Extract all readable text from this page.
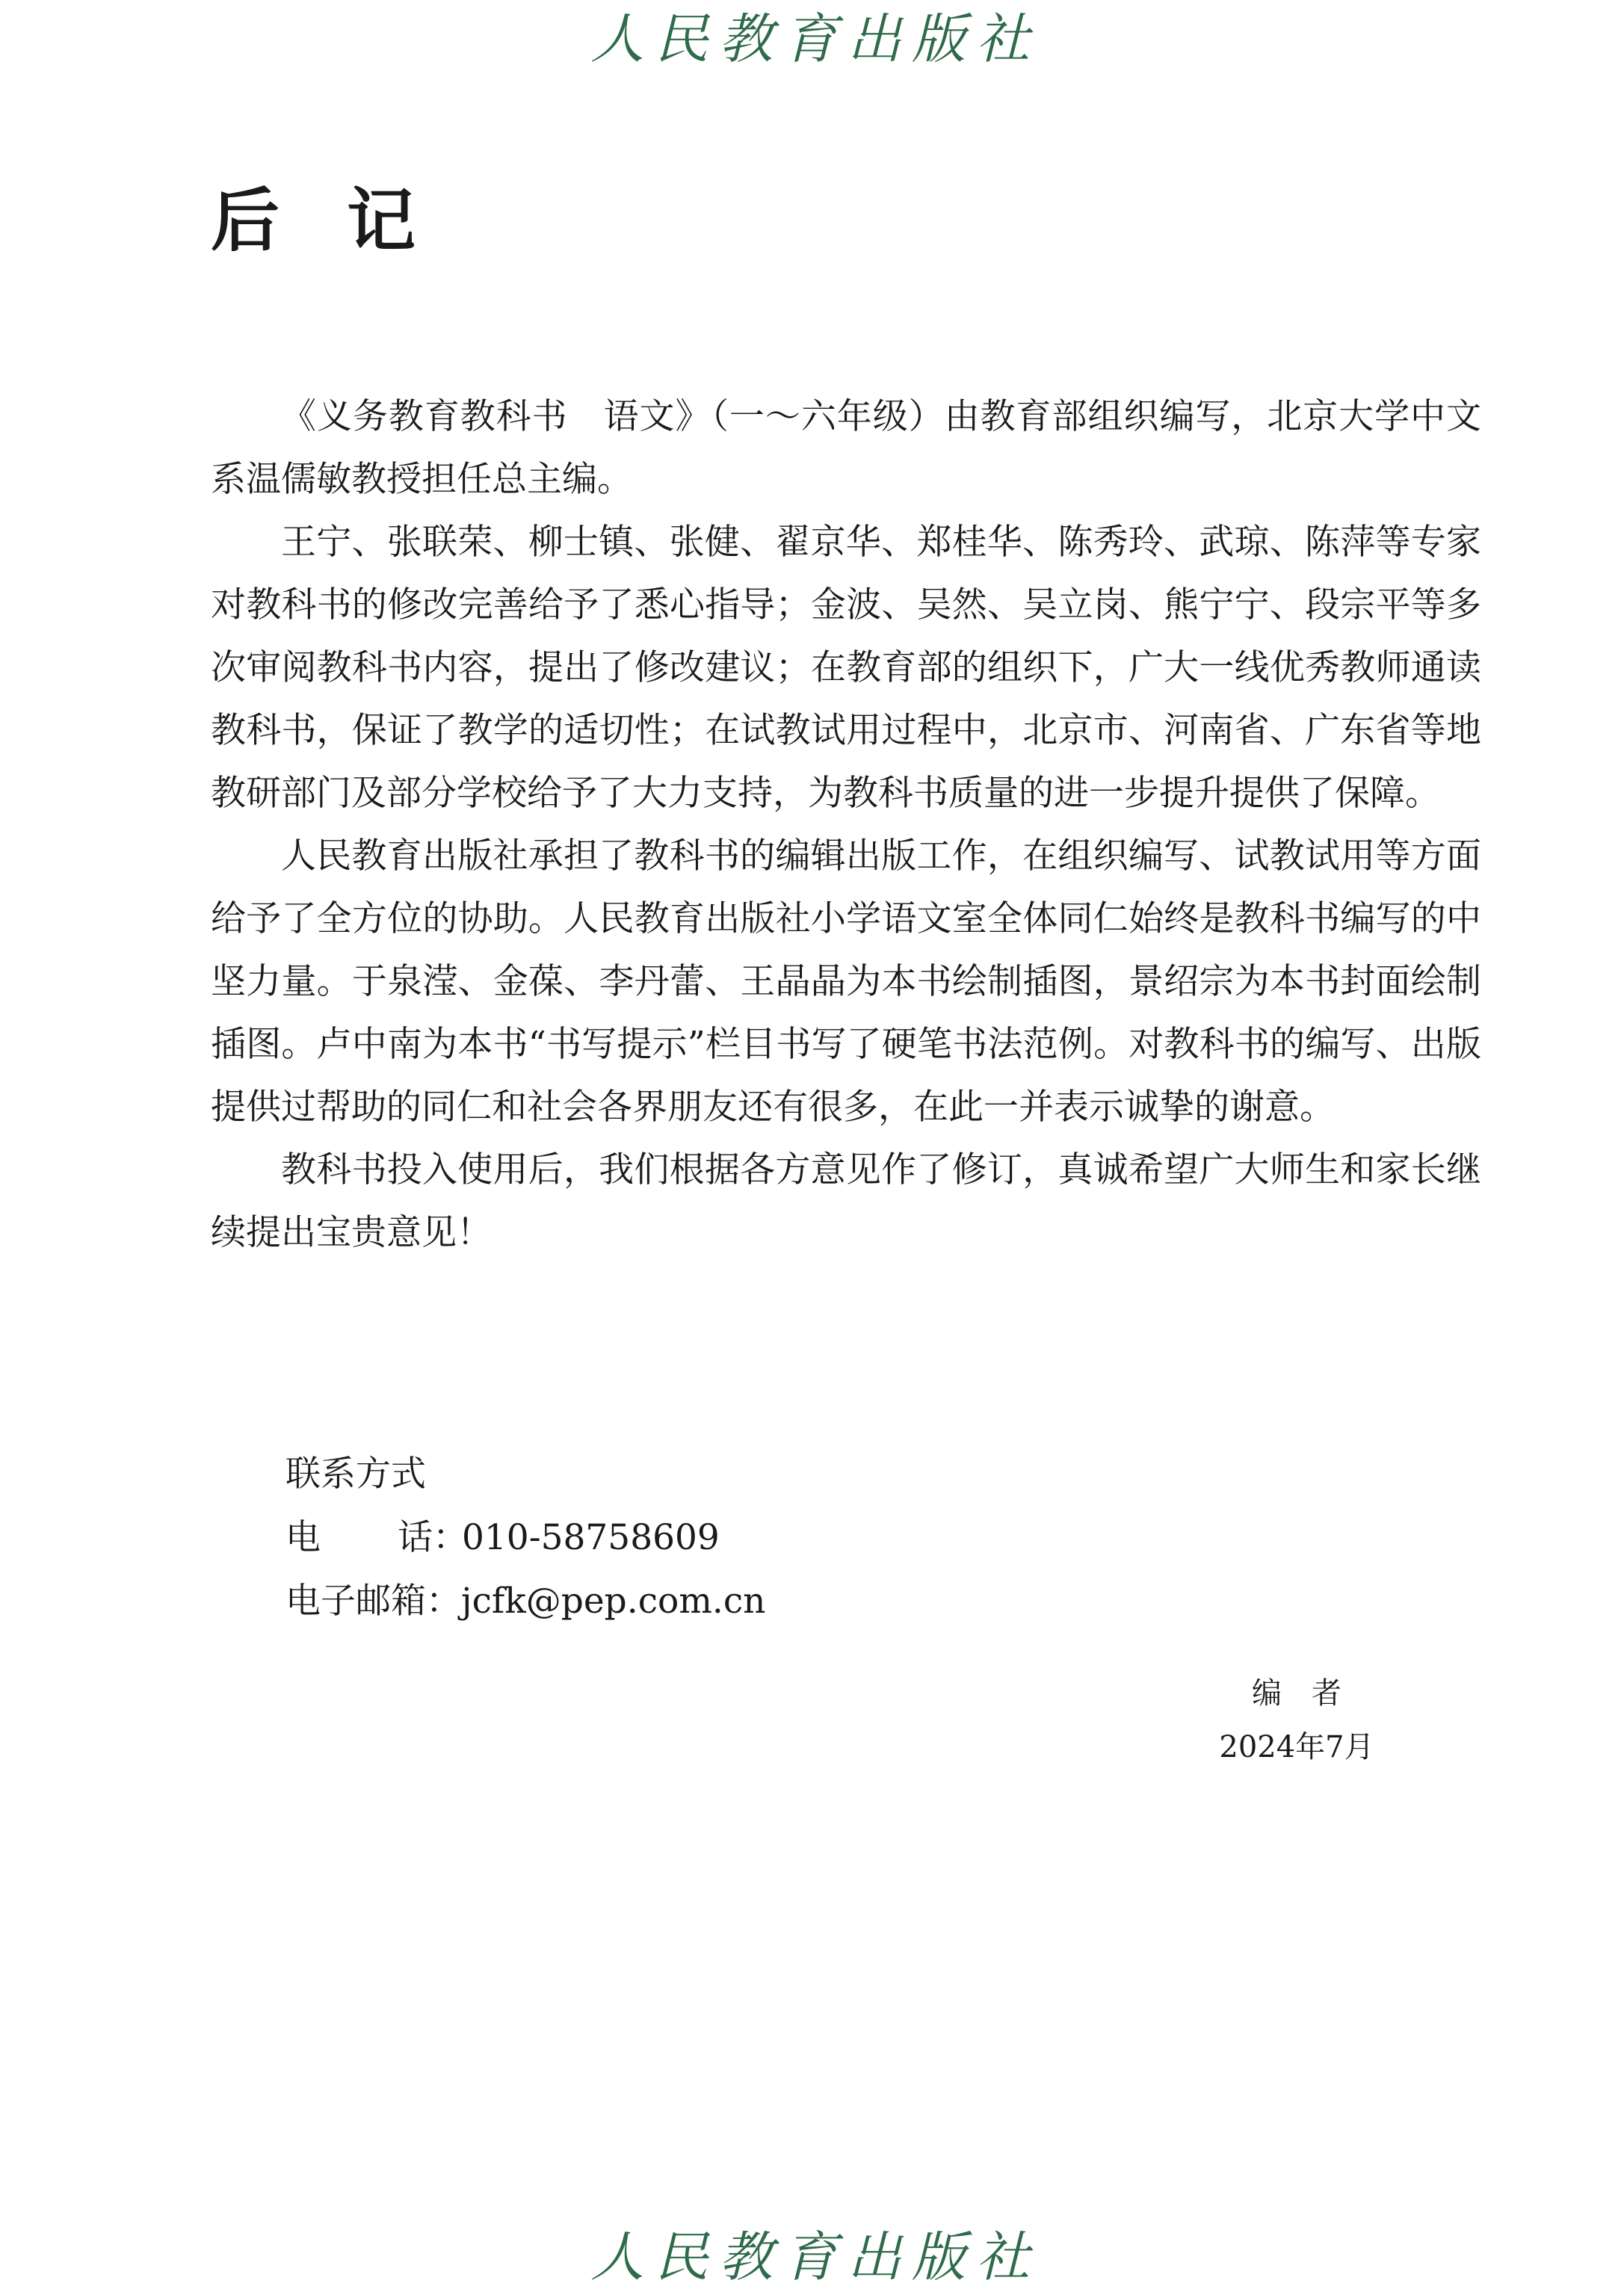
人民教育出版社
后记

《义务教育教科书　语文》（一～六年级）由教育部组织编写，北京大学中文系温儒敏教授担任总主编。

王宁、张联荣、柳士镇、张健、翟京华、郑桂华、陈秀玲、武琼、陈萍等专家对教科书的修改完善给予了悉心指导；金波、吴然、吴立岗、熊宁宁、段宗平等多次审阅教科书内容，提出了修改建议；在教育部的组织下，广大一线优秀教师通读教科书，保证了教学的适切性；在试教试用过程中，北京市、河南省、广东省等地教研部门及部分学校给予了大力支持，为教科书质量的进一步提升提供了保障。

人民教育出版社承担了教科书的编辑出版工作，在组织编写、试教试用等方面给予了全方位的协助。人民教育出版社小学语文室全体同仁始终是教科书编写的中坚力量。于泉滢、金葆、李丹蕾、王晶晶为本书绘制插图，景绍宗为本书封面绘制插图。卢中南为本书“书写提示”栏目书写了硬笔书法范例。对教科书的编写、出版提供过帮助的同仁和社会各界朋友还有很多，在此一并表示诚挚的谢意。

教科书投入使用后，我们根据各方意见作了修订，真诚希望广大师生和家长继续提出宝贵意见！

联系方式
电 话：010-58758609
电子邮箱：jcfk@pep.com.cn
编者
2024年7月
人民教育出版社
